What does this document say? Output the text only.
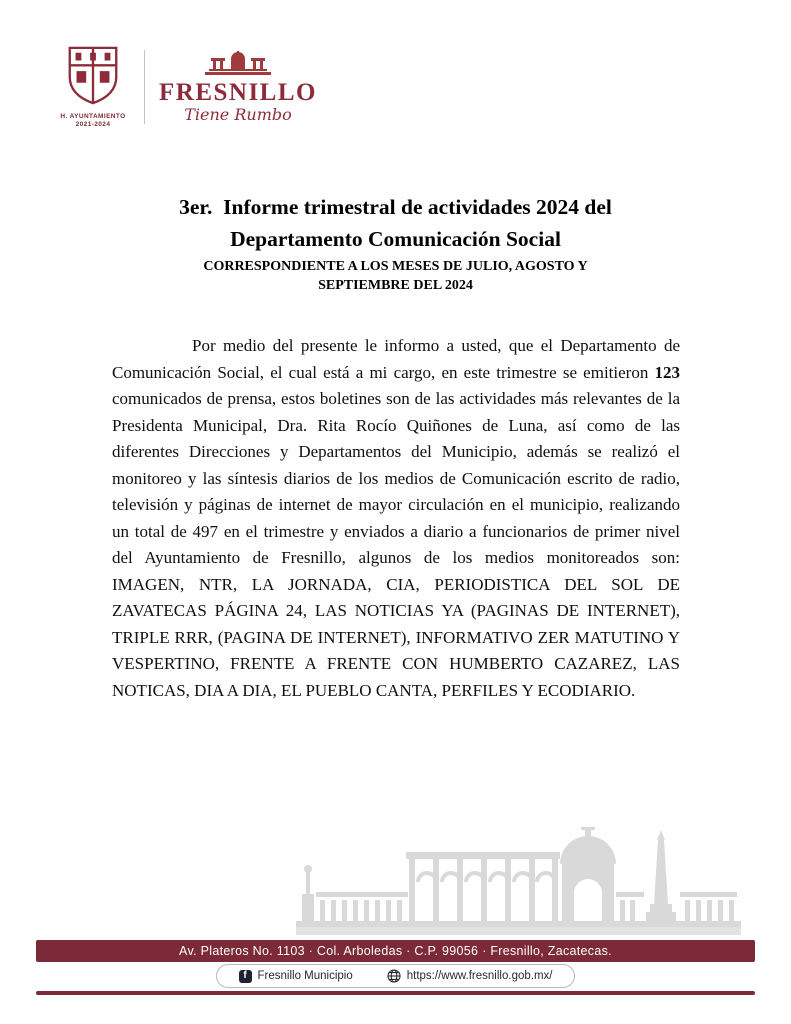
H. AYUNTAMIENTO
2021-2024
FRESNILLO
Tiene Rumbo
3er.  Informe trimestral de actividades 2024 del
Departamento Comunicación Social
CORRESPONDIENTE A LOS MESES DE JULIO, AGOSTO Y
SEPTIEMBRE DEL 2024

Por medio del presente le informo a usted, que el Departamento de Comunicación Social, el cual está a mi cargo, en este trimestre se emitieron 123 comunicados de prensa, estos boletines son de las actividades más relevantes de la Presidenta Municipal, Dra. Rita Rocío Quiñones de Luna, así como de las diferentes Direcciones y Departamentos del Municipio, además se realizó el monitoreo y las síntesis diarios de los medios de Comunicación escrito de radio, televisión y páginas de internet de mayor circulación en el municipio, realizando un total de 497 en el trimestre y enviados a diario a funcionarios de primer nivel del Ayuntamiento de Fresnillo, algunos de los medios monitoreados son: IMAGEN, NTR, LA JORNADA, CIA, PERIODISTICA DEL SOL DE ZAVATECAS PÁGINA 24, LAS NOTICIAS YA (PAGINAS DE INTERNET), TRIPLE RRR, (PAGINA DE INTERNET), INFORMATIVO ZER MATUTINO Y VESPERTINO, FRENTE A FRENTE CON HUMBERTO CAZAREZ, LAS NOTICAS, DIA A DIA, EL PUEBLO CANTA, PERFILES Y ECODIARIO.

Av. Plateros No. 1103 · Col. Arboledas · C.P. 99056 · Fresnillo, Zacatecas.
f Fresnillo Municipio	https://www.fresnillo.gob.mx/
